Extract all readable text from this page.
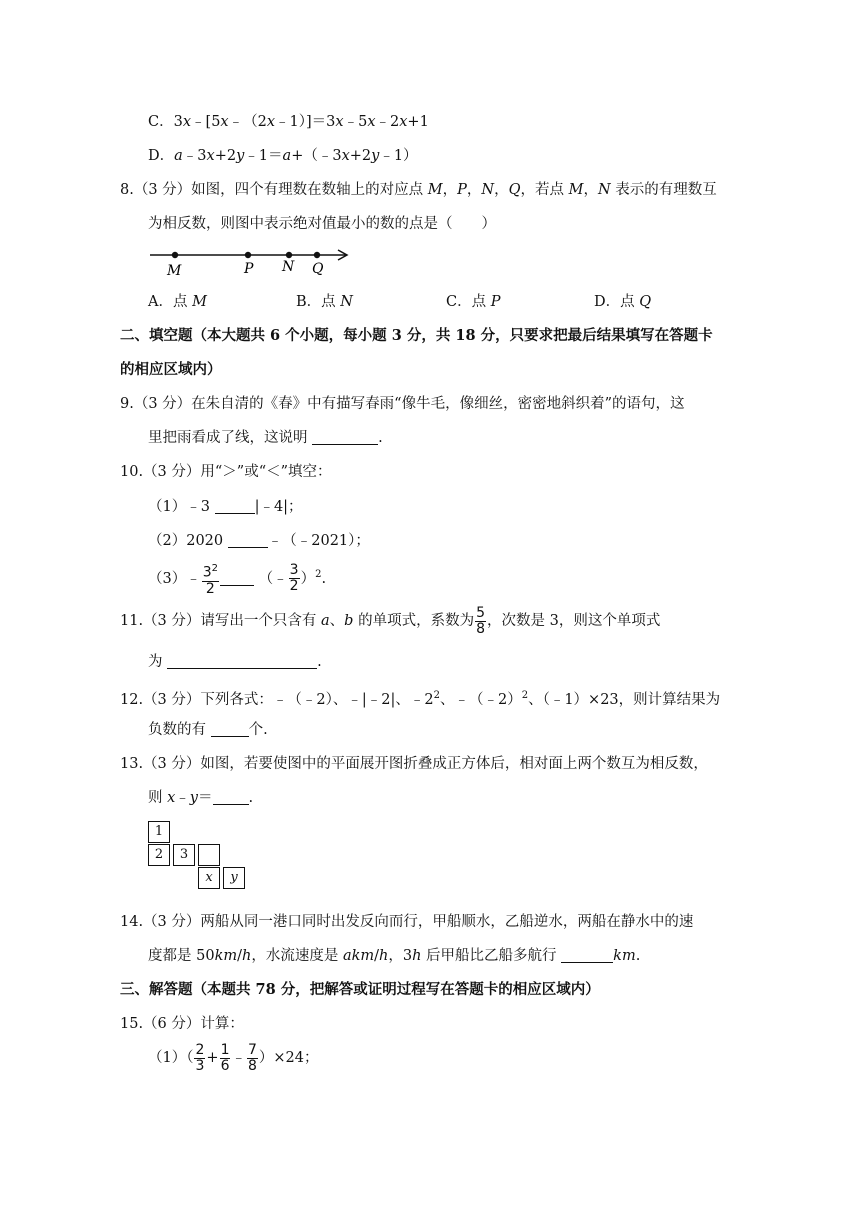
C．3x﹣[5x﹣（2x﹣1）]＝3x﹣5x﹣2x+1
D．a﹣3x+2y﹣1＝a+（﹣3x+2y﹣1）
8.（3 分）如图，四个有理数在数轴上的对应点 M，P，N，Q，若点 M，N 表示的有理数互
为相反数，则图中表示绝对值最小的数的点是（　　）
M	P N Q
A．点 M	B．点 N	C．点 P	D．点 Q
二、填空题（本大题共 6 个小题，每小题 3 分，共 18 分，只要求把最后结果填写在答题卡
的相应区域内）
9.（3 分）在朱自清的《春》中有描写春雨“像牛毛，像细丝，密密地斜织着”的语句，这
里把雨看成了线，这说明	.
10.（3 分）用“＞”或“＜”填空：
（1）﹣3	|﹣4|；
（2）2020	﹣（﹣2021）；
（3）﹣ $\frac{3^2}{2}$	（﹣ $\frac{3}{2} )^2$.
11.（3 分）请写出一个只含有 a、b 的单项式，系数为 $\frac{5}{8}$ ，次数是 3，则这个单项式
为	.
12.（3 分）下列各式：﹣（﹣2）、﹣|﹣2|、$﹣2^2$、﹣（﹣2）$^2$、（﹣1）×23，则计算结果为
负数的有	个.
13.（3 分）如图，若要使图中的平面展开图折叠成正方体后，相对面上两个数互为相反数，
则 x﹣y＝ .
1
2	3
x	y
14.（3 分）两船从同一港口同时出发反向而行，甲船顺水，乙船逆水，两船在静水中的速
度都是 50km/h，水流速度是 akm/h，3h 后甲船比乙船多航行	km.
三、解答题（本题共 78 分，把解答或证明过程写在答题卡的相应区域内）
15.（6 分）计算：
$(1)( \frac{2}{3} + \frac{1}{6}$ ﹣ $\frac{7}{8} )\times 24$；
